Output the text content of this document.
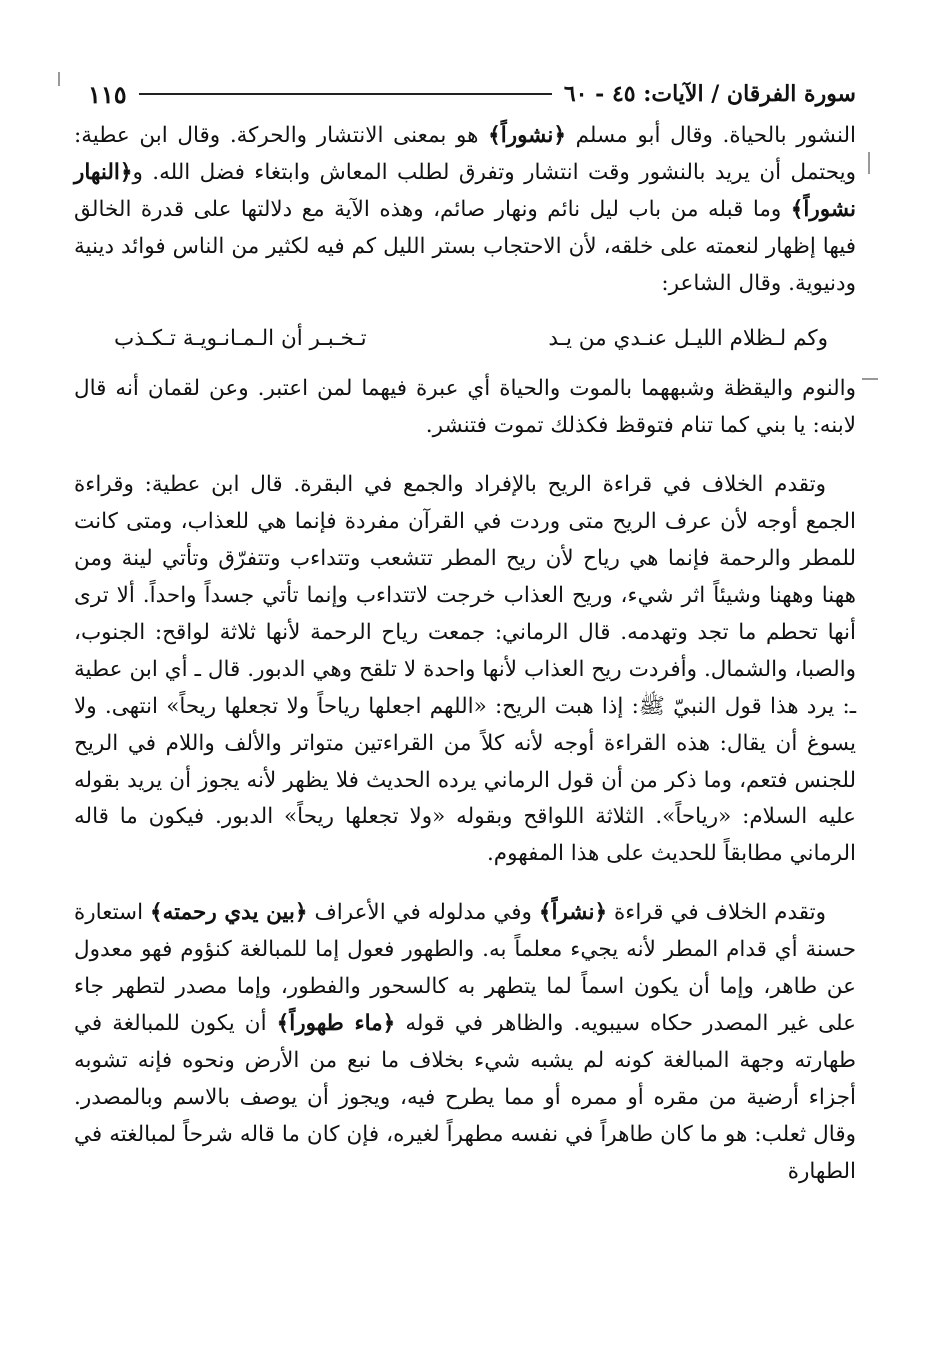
سورة الفرقان / الآيات: ٤٥ - ٦٠
١١٥

النشور بالحياة. وقال أبو مسلم ﴿نشوراً﴾ هو بمعنى الانتشار والحركة. وقال ابن عطية: ويحتمل أن يريد بالنشور وقت انتشار وتفرق لطلب المعاش وابتغاء فضل الله. و﴿النهار نشوراً﴾ وما قبله من باب ليل نائم ونهار صائم، وهذه الآية مع دلالتها على قدرة الخالق فيها إظهار لنعمته على خلقه، لأن الاحتجاب بستر الليل كم فيه لكثير من الناس فوائد دينية ودنيوية. وقال الشاعر:

وكم لـظلام الليـل عنـدي من يـد
تـخـبـر أن الـمـانـويـة تـكـذب

والنوم واليقظة وشبههما بالموت والحياة أي عبرة فيهما لمن اعتبر. وعن لقمان أنه قال لابنه: يا بني كما تنام فتوقظ فكذلك تموت فتنشر.

وتقدم الخلاف في قراءة الريح بالإفراد والجمع في البقرة. قال ابن عطية: وقراءة الجمع أوجه لأن عرف الريح متى وردت في القرآن مفردة فإنما هي للعذاب، ومتى كانت للمطر والرحمة فإنما هي رياح لأن ريح المطر تتشعب وتتداءب وتتفرّق وتأتي لينة ومن ههنا وههنا وشيئاً اثر شيء، وريح العذاب خرجت لاتتداءب وإنما تأتي جسداً واحداً. ألا ترى أنها تحطم ما تجد وتهدمه. قال الرماني: جمعت رياح الرحمة لأنها ثلاثة لواقح: الجنوب، والصبا، والشمال. وأفردت ريح العذاب لأنها واحدة لا تلقح وهي الدبور. قال ـ أي ابن عطية ـ: يرد هذا قول النبيّ ﷺ: إذا هبت الريح: «اللهم اجعلها رياحاً ولا تجعلها ريحاً» انتهى. ولا يسوغ أن يقال: هذه القراءة أوجه لأنه كلاً من القراءتين متواتر والألف واللام في الريح للجنس فتعم، وما ذكر من أن قول الرماني يرده الحديث فلا يظهر لأنه يجوز أن يريد بقوله عليه السلام: «رياحاً». الثلاثة اللواقح وبقوله «ولا تجعلها ريحاً» الدبور. فيكون ما قاله الرماني مطابقاً للحديث على هذا المفهوم.

وتقدم الخلاف في قراءة ﴿نشراً﴾ وفي مدلوله في الأعراف ﴿بين يدي رحمته﴾ استعارة حسنة أي قدام المطر لأنه يجيء معلماً به. والطهور فعول إما للمبالغة كنؤوم فهو معدول عن طاهر، وإما أن يكون اسماً لما يتطهر به كالسحور والفطور، وإما مصدر لتطهر جاء على غير المصدر حكاه سيبويه. والظاهر في قوله ﴿ماء طهوراً﴾ أن يكون للمبالغة في طهارته وجهة المبالغة كونه لم يشبه شيء بخلاف ما نبع من الأرض ونحوه فإنه تشوبه أجزاء أرضية من مقره أو ممره أو مما يطرح فيه، ويجوز أن يوصف بالاسم وبالمصدر. وقال ثعلب: هو ما كان طاهراً في نفسه مطهراً لغيره، فإن كان ما قاله شرحاً لمبالغته في الطهارة
